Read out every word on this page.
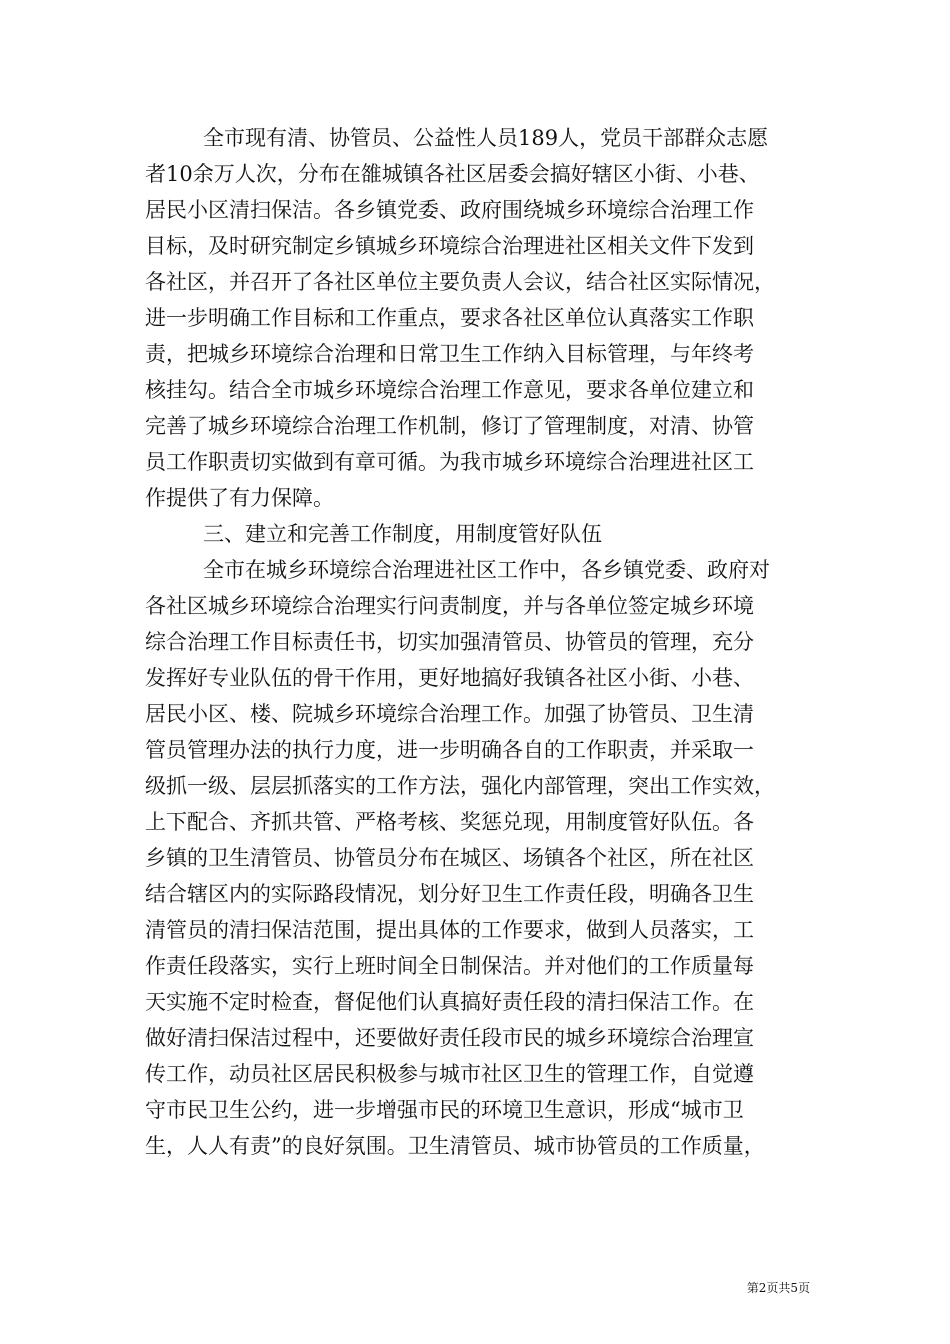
全市现有清、协管员、公益性人员189人，党员干部群众志愿
者10余万人次，分布在雒城镇各社区居委会搞好辖区小街、小巷、
居民小区清扫保洁。各乡镇党委、政府围绕城乡环境综合治理工作
目标，及时研究制定乡镇城乡环境综合治理进社区相关文件下发到
各社区，并召开了各社区单位主要负责人会议，结合社区实际情况，
进一步明确工作目标和工作重点，要求各社区单位认真落实工作职
责，把城乡环境综合治理和日常卫生工作纳入目标管理，与年终考
核挂勾。结合全市城乡环境综合治理工作意见，要求各单位建立和
完善了城乡环境综合治理工作机制，修订了管理制度，对清、协管
员工作职责切实做到有章可循。为我市城乡环境综合治理进社区工
作提供了有力保障。
三、建立和完善工作制度，用制度管好队伍
全市在城乡环境综合治理进社区工作中，各乡镇党委、政府对
各社区城乡环境综合治理实行问责制度，并与各单位签定城乡环境
综合治理工作目标责任书，切实加强清管员、协管员的管理，充分
发挥好专业队伍的骨干作用，更好地搞好我镇各社区小街、小巷、
居民小区、楼、院城乡环境综合治理工作。加强了协管员、卫生清
管员管理办法的执行力度，进一步明确各自的工作职责，并采取一
级抓一级、层层抓落实的工作方法，强化内部管理，突出工作实效，
上下配合、齐抓共管、严格考核、奖惩兑现，用制度管好队伍。各
乡镇的卫生清管员、协管员分布在城区、场镇各个社区，所在社区
结合辖区内的实际路段情况，划分好卫生工作责任段，明确各卫生
清管员的清扫保洁范围，提出具体的工作要求，做到人员落实，工
作责任段落实，实行上班时间全日制保洁。并对他们的工作质量每
天实施不定时检查，督促他们认真搞好责任段的清扫保洁工作。在
做好清扫保洁过程中，还要做好责任段市民的城乡环境综合治理宣
传工作，动员社区居民积极参与城市社区卫生的管理工作，自觉遵
守市民卫生公约，进一步增强市民的环境卫生意识，形成“城市卫
生，人人有责”的良好氛围。卫生清管员、城市协管员的工作质量，
第2页共5页
